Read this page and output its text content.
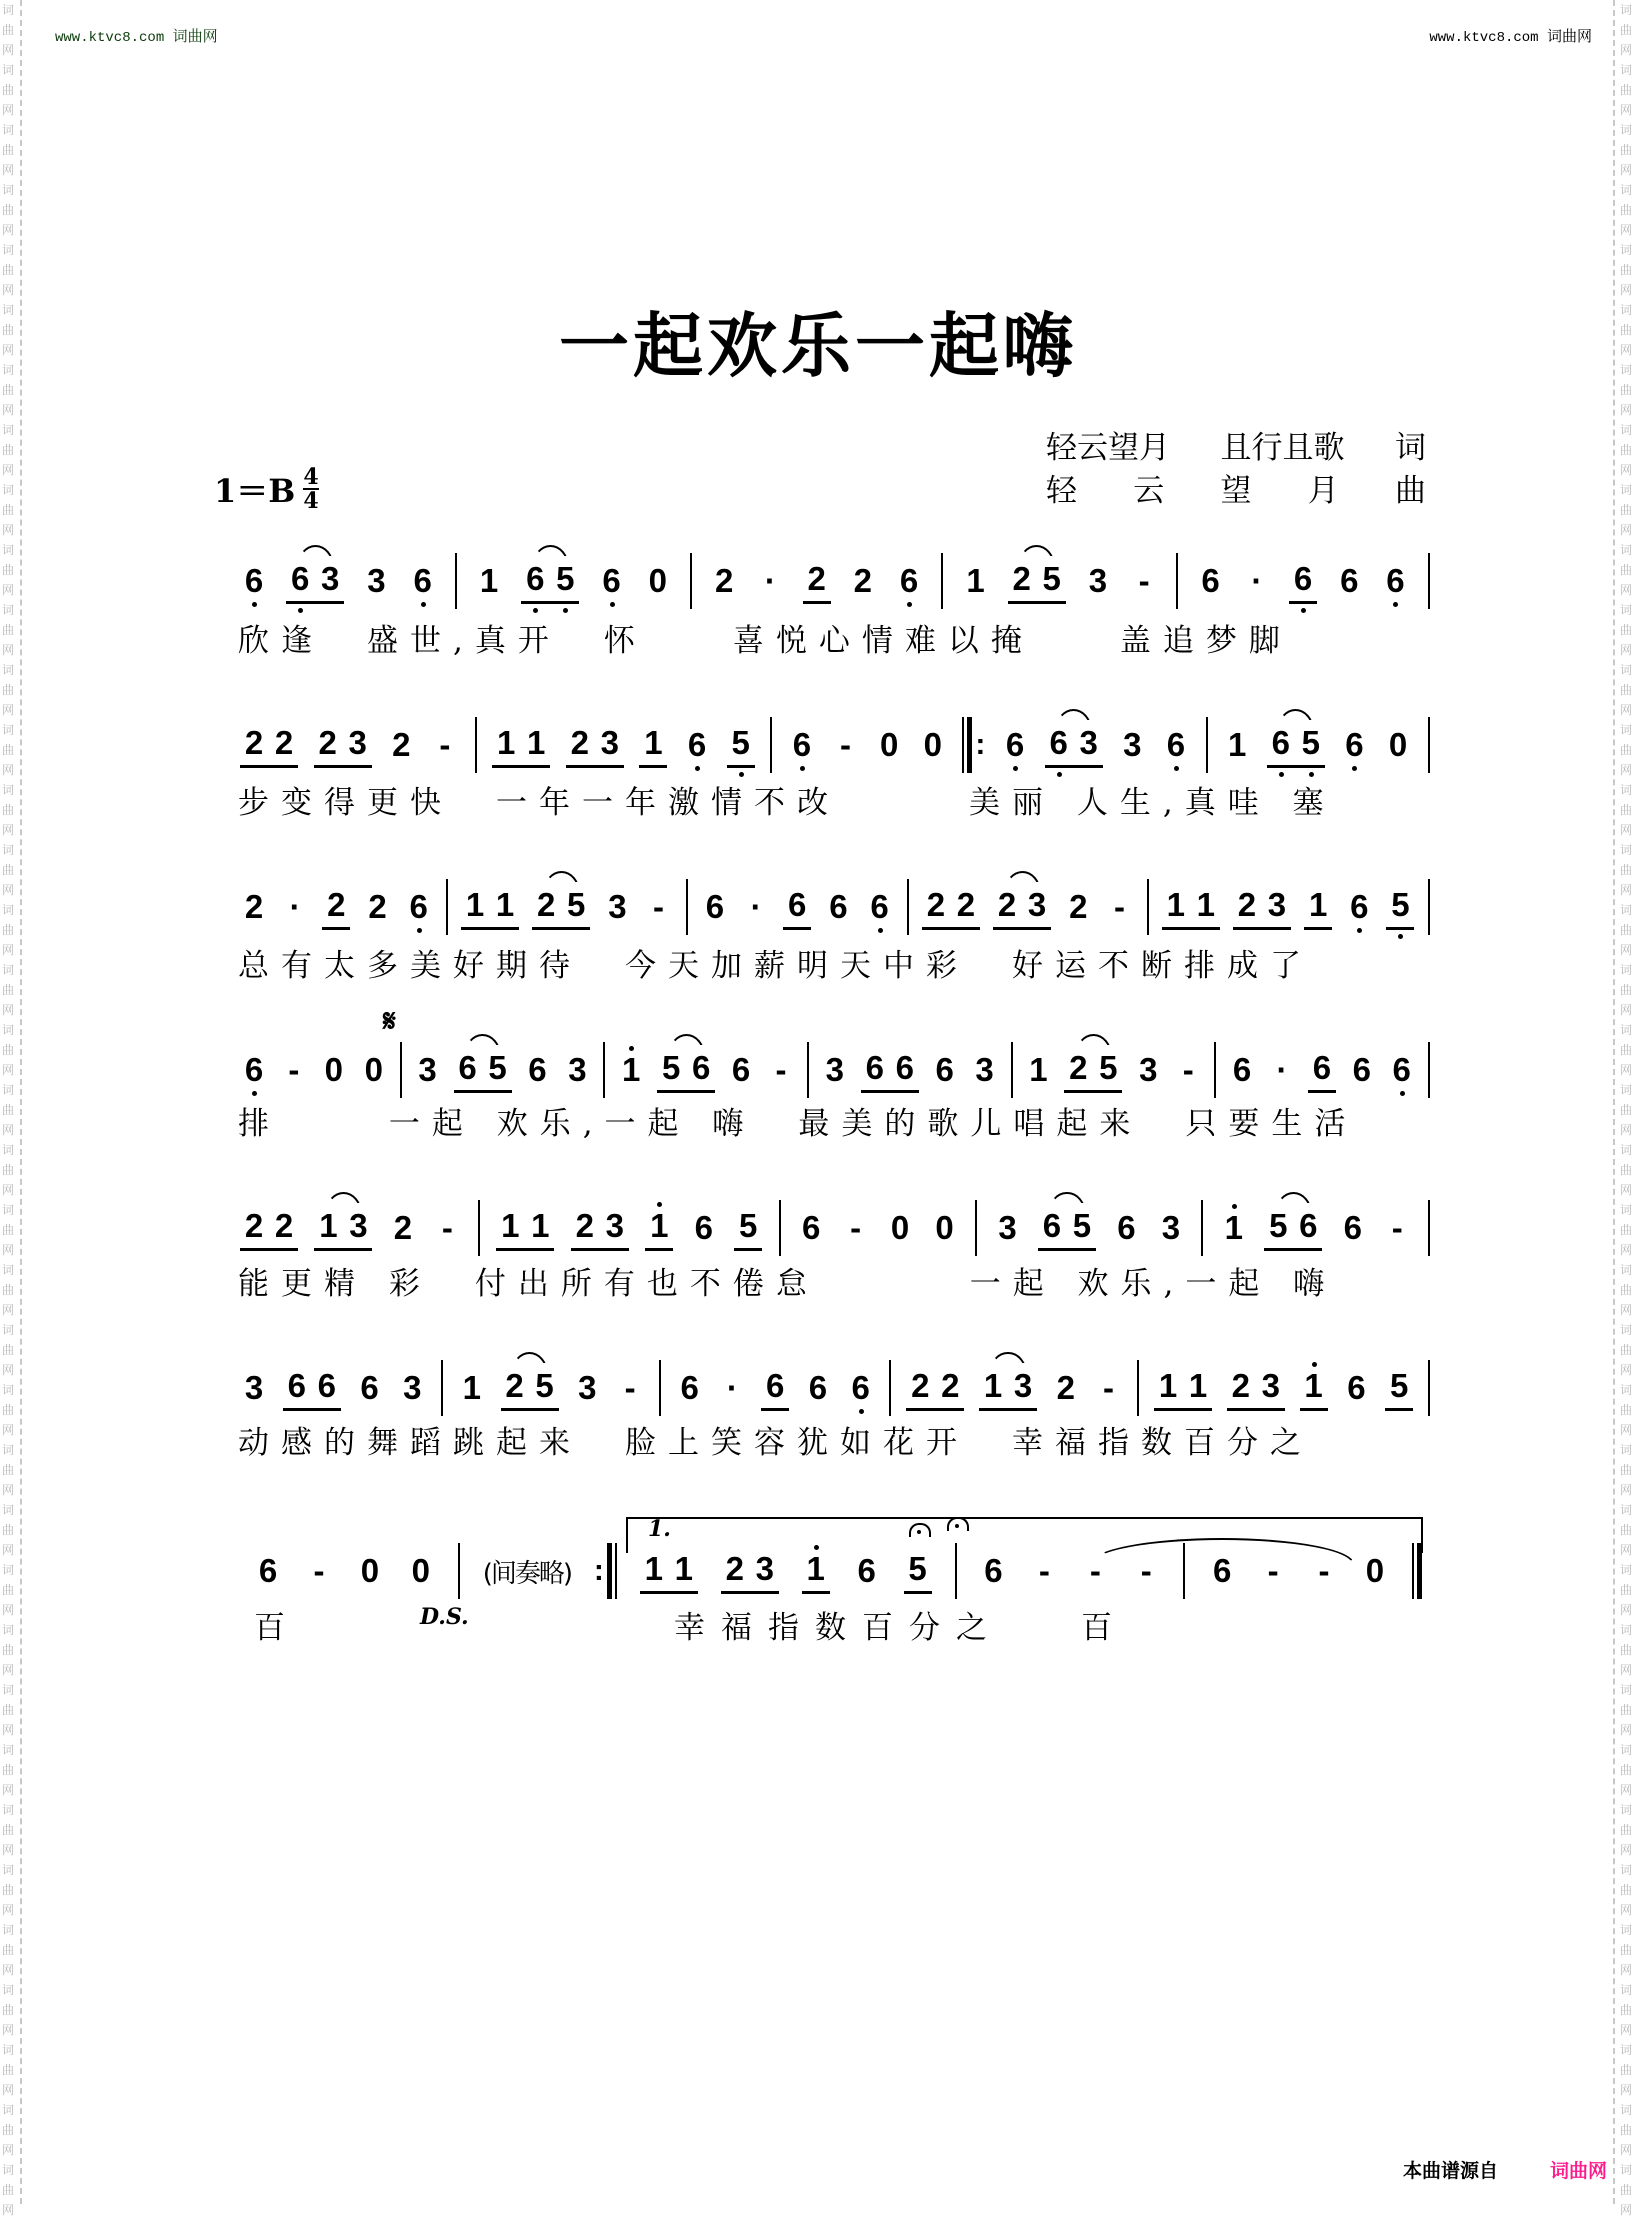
www.ktvc8.com 词曲网	www.ktvc8.com 词曲网
一起欢乐一起嗨
轻云望月 且行且歌 词
轻 云 望 月 曲
$1=B \frac{4}{4}$
6 6 3 3 6 1 6 5 6 0 2 · 2 2 6 1 2 5 3 - 6 · 6 6 6
欣逢　盛世,真开　怀　　喜悦心情难以掩　　盖追梦脚
2 2 2 3 2 - 1 1 2 3 1 6 5 6 - 0 0 : 6 6 3 3 6 1 6 5 6 0
步变得更快　一年一年激情不改　　　美丽 人生,真哇 塞
2 · 2 2 6 1 1 2 5 3 - 6 · 6 6 6 2 2 2 3 2 - 1 1 2 3 1 6 5
总有太多美好期待　今天加薪明天中彩　好运不断排成了
6 - 0 0 3 6 5 6 3 1 5 6 6 - 3 6 6 6 3 1 2 5 3 - 6 · 6 6 6
排　　 一起 欢乐,一起 嗨　最美的歌儿唱起来　只要生活
2 2 1 3 2 - 1 1 2 3 1 6 5 6 - 0 0 3 6 5 6 3 1 5 6 6 -
能更精 彩　付出所有也不倦怠　　　 一起 欢乐,一起 嗨
3 6 6 6 3 1 2 5 3 - 6 · 6 6 6 2 2 1 3 2 - 1 1 2 3 1 6 5
动感的舞蹈跳起来　脸上笑容犹如花开　幸福指数百分之
6 - 0 0 (间奏略) : 1 1 2 3 1 6 5 6 - - - 6 - - 0
百	幸福指数百分之	百
𝄋
1.
D.S.
本曲谱源自	词曲网
词
曲
网
词
曲
网
词
曲
网
词
曲
网
词
曲
网
词
曲
网
词
曲
网
词
曲
网
词
曲
网
词
曲
网
词
曲
网
词
曲
网
词
曲
网
词
曲
网
词
曲
网
词
曲
网
词
曲
网
词
曲
网
词
曲
网
词
曲
网
词
曲
网
词
曲
网
词
曲
网
词
曲
网
词
曲
网
词
曲
网
词
曲
网
词
曲
网
词
曲
网
词
曲
网
词
曲
网
词
曲
网
词
曲
网
词
曲
网
词
曲
网
词
曲
网
词
曲
网
词
曲
网
词
曲
网
词
曲
网
词
曲
网
词
曲
网
词
曲
网
词
曲
网
词
曲
网
词
曲
网
词
曲
网
词
曲
网
词
曲
网
词
曲
网
词
曲
网
词
曲
网
词
曲
网
词
曲
网
词
曲
网
词
曲
网
词
曲
网
词
曲
网
词
曲
网
词
曲
网
词
曲
网
词
曲
网
词
曲
网
词
曲
网
词
曲
网
词
曲
网
词
曲
网
词
曲
网
词
曲
网
词
曲
网
词
曲
网
词
曲
网
词
曲
网
词
曲
网
